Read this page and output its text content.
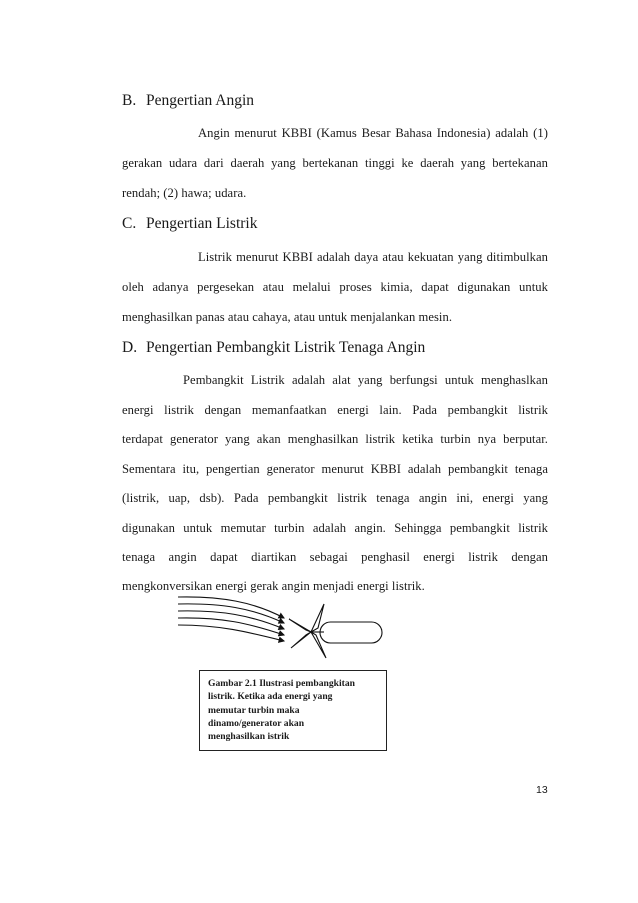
B. Pengertian Angin
Angin menurut KBBI (Kamus Besar Bahasa Indonesia) adalah (1)
gerakan udara dari daerah yang bertekanan tinggi ke daerah yang bertekanan
rendah; (2) hawa; udara.
C. Pengertian Listrik
Listrik menurut KBBI adalah daya atau kekuatan yang ditimbulkan
oleh adanya pergesekan atau melalui proses kimia, dapat digunakan untuk
menghasilkan panas atau cahaya, atau untuk menjalankan mesin.
D. Pengertian Pembangkit Listrik Tenaga Angin
Pembangkit Listrik adalah alat yang berfungsi untuk menghaslkan
energi listrik dengan memanfaatkan energi lain. Pada pembangkit listrik
terdapat generator yang akan menghasilkan listrik ketika turbin nya berputar.
Sementara itu, pengertian generator menurut KBBI adalah pembangkit tenaga
(listrik, uap, dsb). Pada pembangkit listrik tenaga angin ini, energi yang
digunakan untuk memutar turbin adalah angin. Sehingga pembangkit listrik
tenaga angin dapat diartikan sebagai penghasil energi listrik dengan
mengkonversikan energi gerak angin menjadi energi listrik.
Gambar 2.1 Ilustrasi pembangkitan
listrik. Ketika ada energi yang
memutar turbin maka
dinamo/generator akan
menghasilkan istrik
13
